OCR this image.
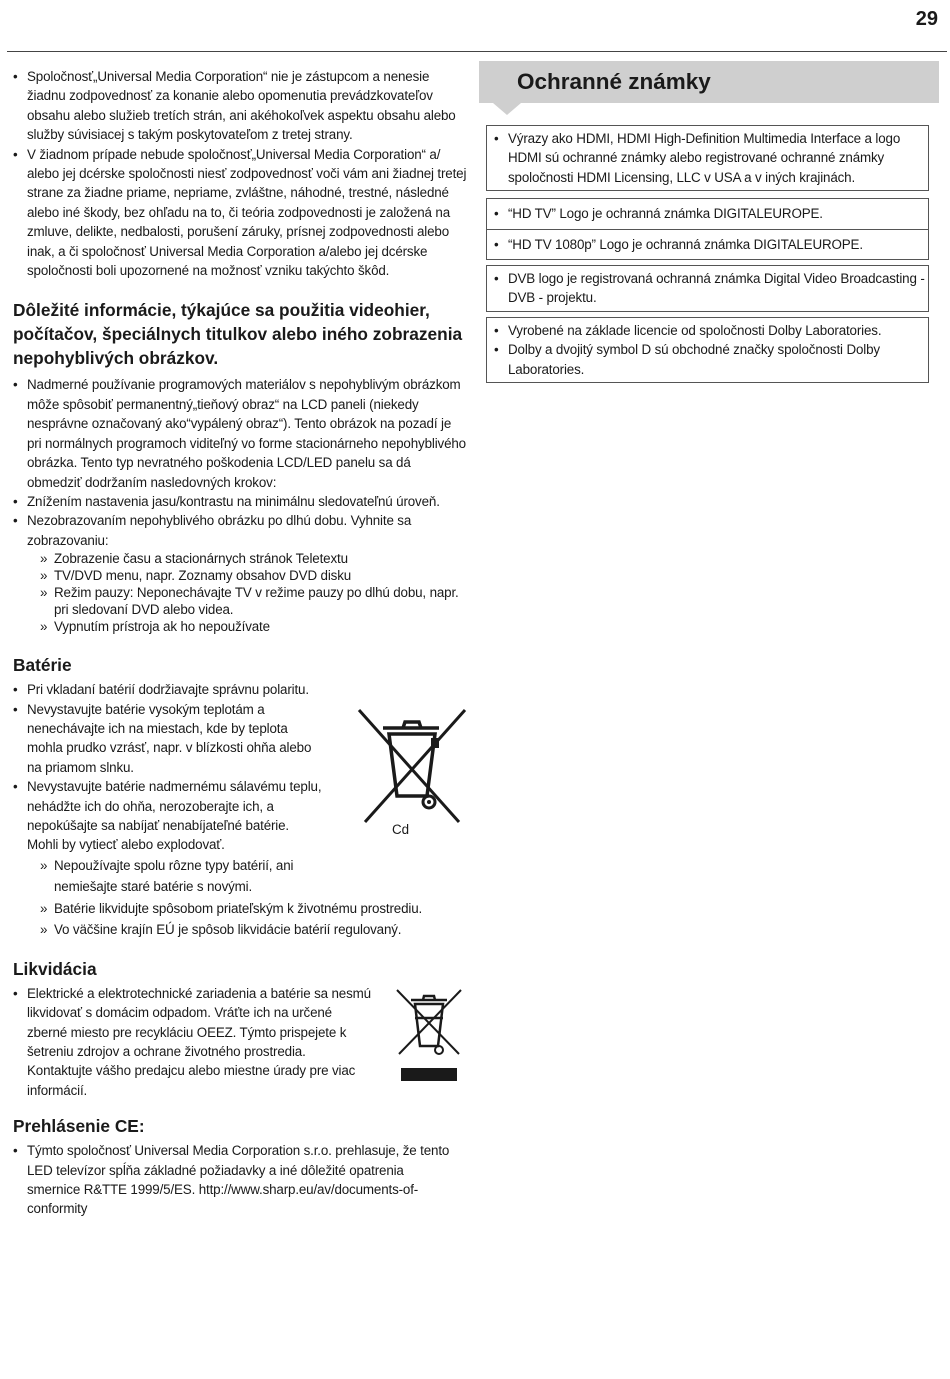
29
• Spoločnosť„Universal Media Corporation“ nie je zástupcom a nenesie žiadnu zodpovednosť za konanie alebo opomenutia prevádzkovateľov obsahu alebo služieb tretích strán, ani akéhokoľvek aspektu obsahu alebo služby súvisiacej s takým poskytovateľom z tretej strany.
• V žiadnom prípade nebude spoločnosť„Universal Media Corporation“ a/ alebo jej dcérske spoločnosti niesť zodpovednosť voči vám ani žiadnej tretej strane za žiadne priame, nepriame, zvláštne, náhodné, trestné, následné alebo iné škody, bez ohľadu na to, či teória zodpovednosti je založená na zmluve, delikte, nedbalosti, porušení záruky, prísnej zodpovednosti alebo inak, a či spoločnosť Universal Media Corporation a/alebo jej dcérske spoločnosti boli upozornené na možnosť vzniku takýchto škôd.
Dôležité informácie, týkajúce sa použitia videohier, počítačov, špeciálnych titulkov alebo iného zobrazenia nepohyblivých obrázkov.
• Nadmerné používanie programových materiálov s nepohyblivým obrázkom môže spôsobiť permanentný„tieňový obraz“ na LCD paneli (niekedy nesprávne označovaný ako“vypálený obraz“). Tento obrázok na pozadí je pri normálnych programoch viditeľný vo forme stacionárneho nepohyblivého obrázka. Tento typ nevratného poškodenia LCD/LED panelu sa dá obmedziť dodržaním nasledovných krokov:
• Znížením nastavenia jasu/kontrastu na minimálnu sledovateľnú úroveň.
• Nezobrazovaním nepohyblivého obrázku po dlhú dobu. Vyhnite sa zobrazovaniu:
» Zobrazenie času a stacionárnych stránok Teletextu
» TV/DVD menu, napr. Zoznamy obsahov DVD disku
» Režim pauzy: Neponechávajte TV v režime pauzy po dlhú dobu, napr. pri sledovaní DVD alebo videa.
» Vypnutím prístroja ak ho nepoužívate
Batérie
• Pri vkladaní batérií dodržiavajte správnu polaritu.
• Nevystavujte batérie vysokým teplotám a nenechávajte ich na miestach, kde by teplota mohla prudko vzrásť, napr. v blízkosti ohňa alebo na priamom slnku.
• Nevystavujte batérie nadmernému sálavému teplu, nehádžte ich do ohňa, nerozoberajte ich, a nepokúšajte sa nabíjať nenabíjateľné batérie. Mohli by vytiecť alebo explodovať.
» Nepoužívajte spolu rôzne typy batérií, ani nemiešajte staré batérie s novými.
» Batérie likvidujte spôsobom priateľským k životnému prostrediu.
» Vo väčšine krajín EÚ je spôsob likvidácie batérií regulovaný.
Likvidácia
• Elektrické a elektrotechnické zariadenia a batérie sa nesmú likvidovať s domácim odpadom. Vráťte ich na určené zberné miesto pre recykláciu OEEZ. Týmto prispejete k šetreniu zdrojov a ochrane životného prostredia. Kontaktujte vášho predajcu alebo miestne úrady pre viac informácií.
Prehlásenie CE:
• Týmto spoločnosť Universal Media Corporation s.r.o. prehlasuje, že tento LED televízor spĺňa základné požiadavky a iné dôležité opatrenia smernice R&TTE 1999/5/ES. http://www.sharp.eu/av/documents-of-conformity
Cd
Ochranné známky
• Výrazy ako HDMI, HDMI High-Definition Multimedia Interface a logo HDMI sú ochranné známky alebo registrované ochranné známky spoločnosti HDMI Licensing, LLC v USA a v iných krajinách.
• “HD TV” Logo je ochranná známka DIGITALEUROPE.
• “HD TV 1080p” Logo je ochranná známka DIGITALEUROPE.
• DVB logo je registrovaná ochranná známka Digital Video Broadcasting - DVB - projektu.
• Vyrobené na základe licencie od spoločnosti Dolby Laboratories.
• Dolby a dvojitý symbol D sú obchodné značky spoločnosti Dolby Laboratories.
